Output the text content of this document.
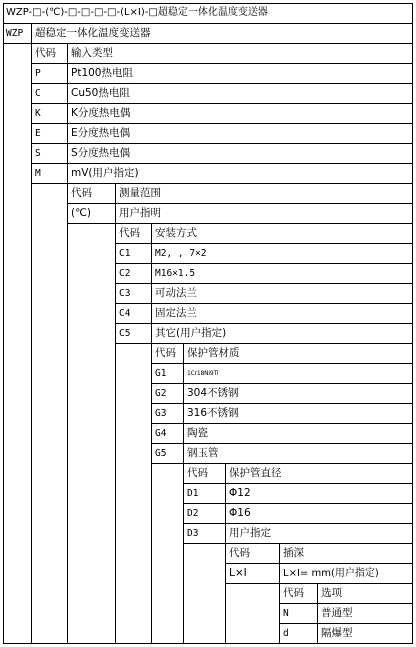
WZP-□-(℃)-□-□-□-□-(L×I)-□超稳定一体化温度变送器
WZP	超稳定一体化温度变送器
代码	输入类型
P	Pt100热电阻
C	Cu50热电阻
K	K分度热电偶
E	E分度热电偶
S	S分度热电偶
M	mV(用户指定)
代码	测量范围
(℃)	用户指明
代码	安装方式
C1	M2, , 7×2
C2	M16×1.5
C3	可动法兰
C4	固定法兰
C5	其它(用户指定)
代码	保护管材质
G1	1Cr18Ni9Ti
G2	304不锈钢
G3	316不锈钢
G4	陶瓷
G5	钢玉管
代码	保护管直径
D1	Φ12
D2	Φ16
D3	用户指定
代码	插深
L×I	L×I= mm(用户指定)
代码	选项
N	普通型
d	隔爆型
